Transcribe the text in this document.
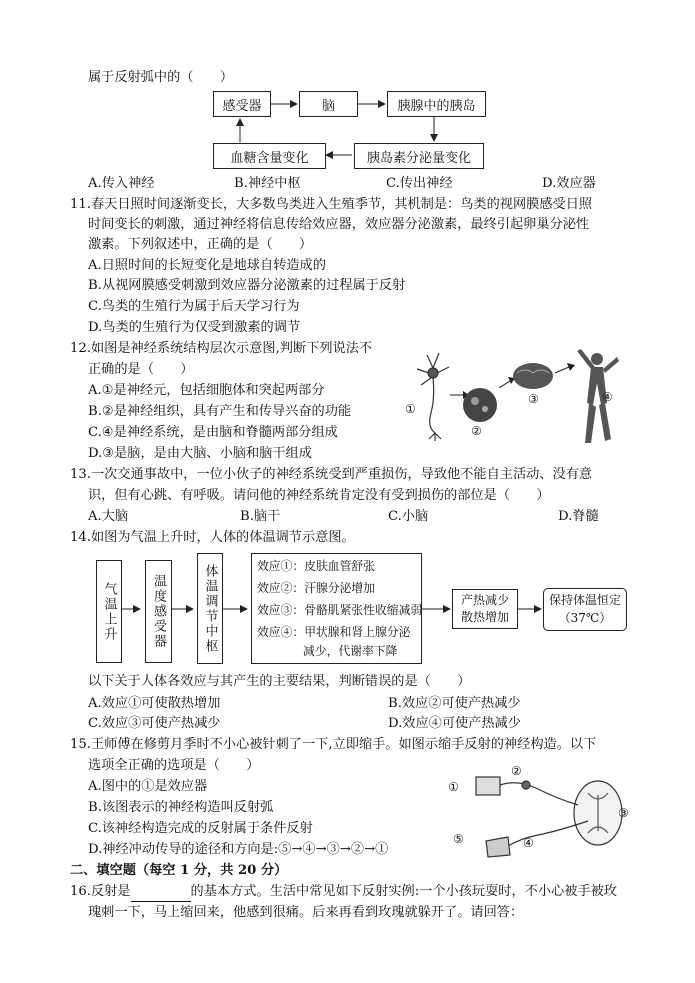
属于反射弧中的（　　）
感受器	脑	胰腺中的胰岛
血糖含量变化	胰岛素分泌量变化
A.传入神经	B.神经中枢	C.传出神经	D.效应器
11.春天日照时间逐渐变长，大多数鸟类进入生殖季节，其机制是：鸟类的视网膜感受日照
时间变长的刺激，通过神经将信息传给效应器，效应器分泌激素，最终引起卵巢分泌性
激素。下列叙述中，正确的是（　　）
A.日照时间的长短变化是地球自转造成的
B.从视网膜感受刺激到效应器分泌激素的过程属于反射
C.鸟类的生殖行为属于后天学习行为
D.鸟类的生殖行为仅受到激素的调节
12.如图是神经系统结构层次示意图,判断下列说法不
正确的是（　　）
A.①是神经元，包括细胞体和突起两部分
B.②是神经组织，具有产生和传导兴奋的功能
C.④是神经系统，是由脑和脊髓两部分组成
D.③是脑，是由大脑、小脑和脑干组成
①
②
③	④
13.一次交通事故中，一位小伙子的神经系统受到严重损伤，导致他不能自主活动、没有意
识，但有心跳、有呼吸。请问他的神经系统肯定没有受到损伤的部位是（　　）
A.大脑	B.脑干	C.小脑	D.脊髓
14.如图为气温上升时，人体的体温调节示意图。
气温上升	温度感受器	体温调节中枢	效应①：皮肤血管舒张
效应②：汗腺分泌增加
效应③：骨骼肌紧张性收缩减弱
效应④：甲状腺和肾上腺分泌
减少，代谢率下降
产热减少
散热增加
保持体温恒定
（37℃）
以下关于人体各效应与其产生的主要结果，判断错误的是（　　）
A.效应①可使散热增加	B.效应②可使产热减少
C.效应③可使产热减少	D.效应④可使产热减少
15.王师傅在修剪月季时不小心被针刺了一下,立即缩手。如图示缩手反射的神经构造。以下
选项全正确的选项是（　　）
A.图中的①是效应器
B.该图表示的神经构造叫反射弧
C.该神经构造完成的反射属于条件反射
D.神经冲动传导的途径和方向是:⑤→④→③→②→①
①
②
③
④
⑤
二、填空题（每空 1 分，共 20 分）
16.反射是	的基本方式。生活中常见如下反射实例:一个小孩玩耍时，不小心被手被玫
瑰刺一下，马上缩回来，他感到很痛。后来再看到玫瑰就躲开了。请回答：
